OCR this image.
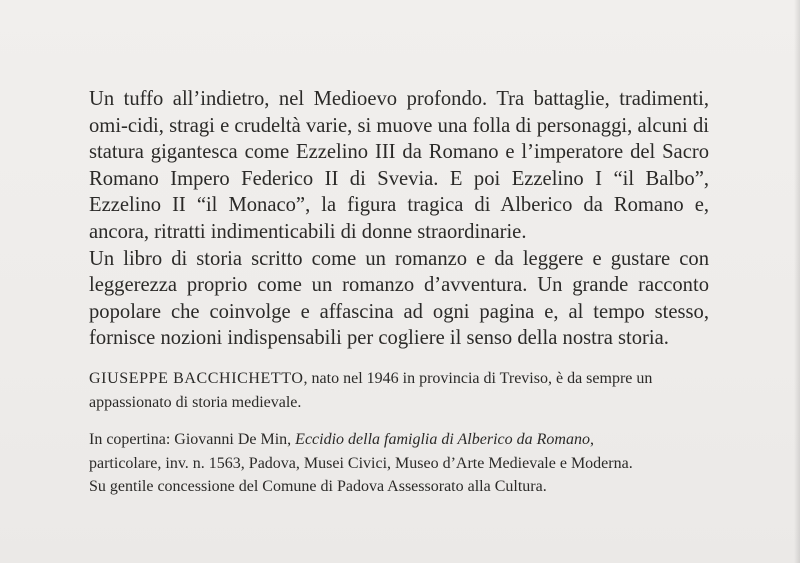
Un tuffo all’indietro, nel Medioevo profondo. Tra battaglie, tradimenti, omi-cidi, stragi e crudeltà varie, si muove una folla di personaggi, alcuni di statura gigantesca come Ezzelino III da Romano e l’imperatore del Sacro Romano Impero Federico II di Svevia. E poi Ezzelino I “il Balbo”, Ezzelino II “il Monaco”, la figura tragica di Alberico da Romano e, ancora, ritratti indimenticabili di donne straordinarie.

Un libro di storia scritto come un romanzo e da leggere e gustare con leggerezza proprio come un romanzo d’avventura. Un grande racconto popolare che coinvolge e affascina ad ogni pagina e, al tempo stesso, fornisce nozioni indispensabili per cogliere il senso della nostra storia.

GIUSEPPE BACCHICHETTO, nato nel 1946 in provincia di Treviso, è da sempre un appassionato di storia medievale.

In copertina: Giovanni De Min, Eccidio della famiglia di Alberico da Romano,
particolare, inv. n. 1563, Padova, Musei Civici, Museo d’Arte Medievale e Moderna.
Su gentile concessione del Comune di Padova Assessorato alla Cultura.
